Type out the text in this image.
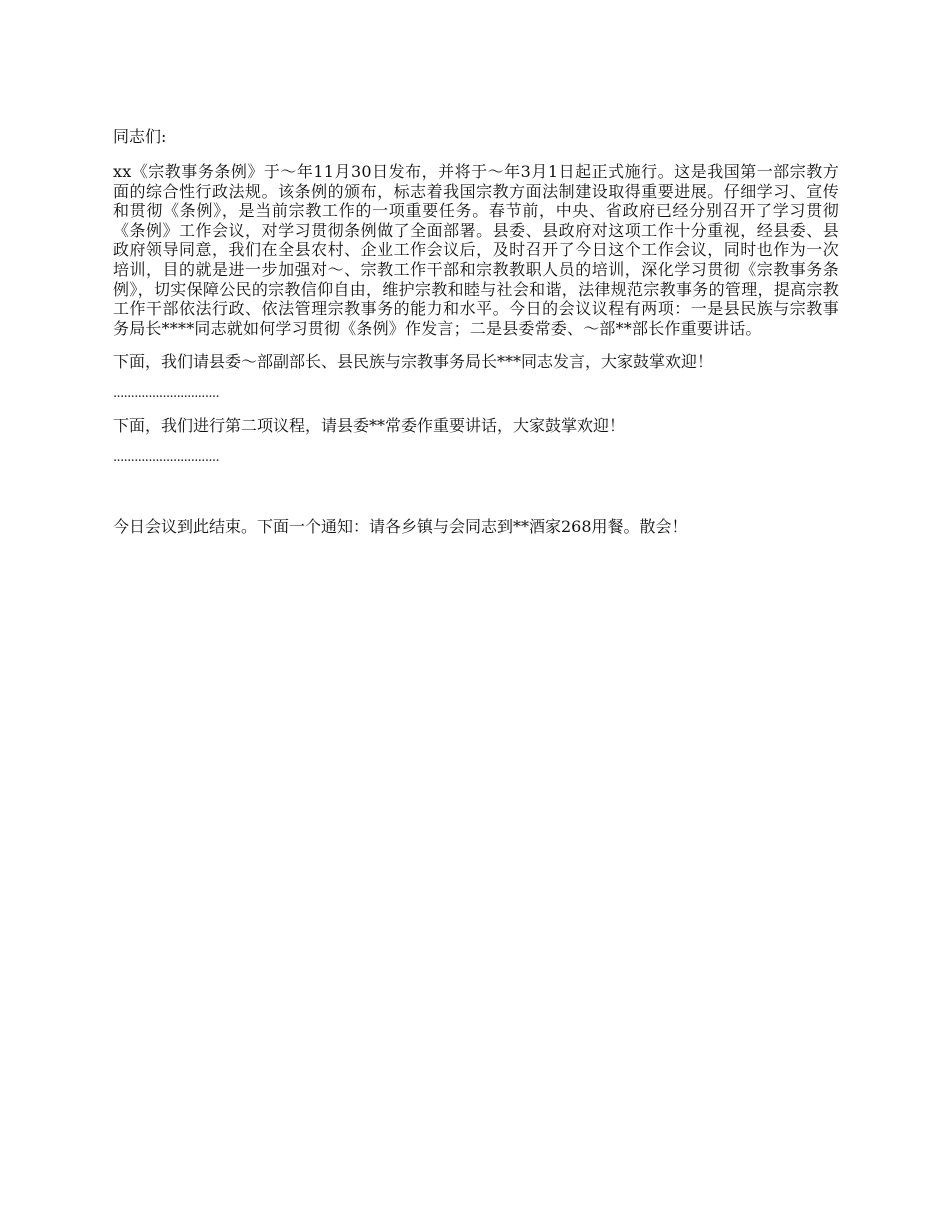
同志们:

xx《宗教事务条例》于～年11月30日发布，并将于～年3月1日起正式施行。这是我国第一部宗教方面的综合性行政法规。该条例的颁布，标志着我国宗教方面法制建设取得重要进展。仔细学习、宣传和贯彻《条例》，是当前宗教工作的一项重要任务。春节前，中央、省政府已经分别召开了学习贯彻《条例》工作会议，对学习贯彻条例做了全面部署。县委、县政府对这项工作十分重视，经县委、县政府领导同意，我们在全县农村、企业工作会议后，及时召开了今日这个工作会议，同时也作为一次培训，目的就是进一步加强对～、宗教工作干部和宗教教职人员的培训，深化学习贯彻《宗教事务条例》，切实保障公民的宗教信仰自由，维护宗教和睦与社会和谐，法律规范宗教事务的管理，提高宗教工作干部依法行政、依法管理宗教事务的能力和水平。今日的会议议程有两项：一是县民族与宗教事务局长****同志就如何学习贯彻《条例》作发言；二是县委常委、～部**部长作重要讲话。

下面，我们请县委～部副部长、县民族与宗教事务局长***同志发言，大家鼓掌欢迎！

..............................

下面，我们进行第二项议程，请县委**常委作重要讲话，大家鼓掌欢迎！

..............................

今日会议到此结束。下面一个通知：请各乡镇与会同志到**酒家268用餐。散会！
